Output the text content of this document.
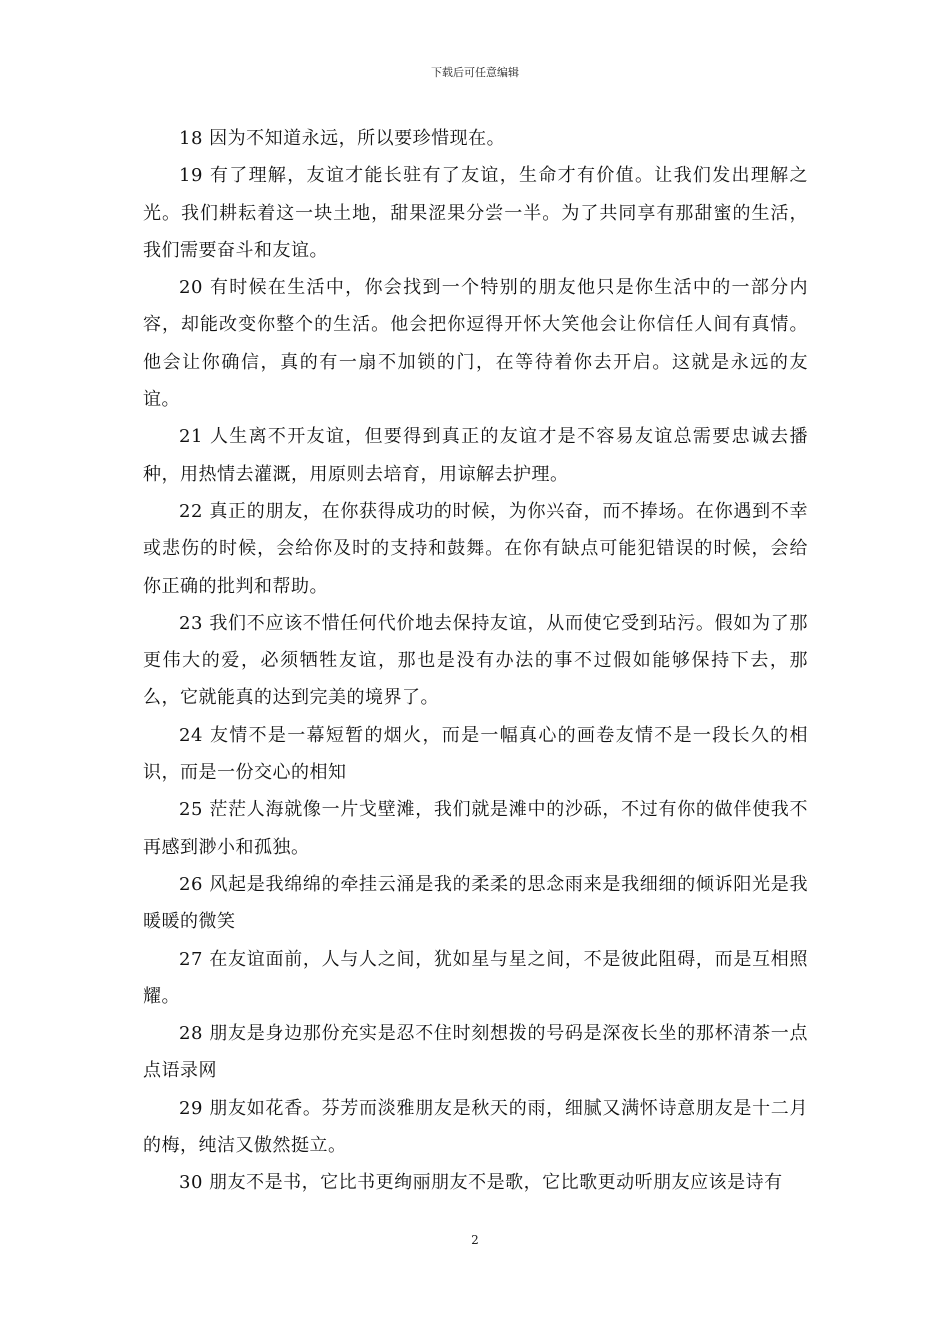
下载后可任意编辑

18 因为不知道永远，所以要珍惜现在。

19 有了理解，友谊才能长驻有了友谊，生命才有价值。让我们发出理解之光。我们耕耘着这一块土地，甜果涩果分尝一半。为了共同享有那甜蜜的生活，我们需要奋斗和友谊。

20 有时候在生活中，你会找到一个特别的朋友他只是你生活中的一部分内容，却能改变你整个的生活。他会把你逗得开怀大笑他会让你信任人间有真情。他会让你确信，真的有一扇不加锁的门，在等待着你去开启。这就是永远的友谊。

21 人生离不开友谊，但要得到真正的友谊才是不容易友谊总需要忠诚去播种，用热情去灌溉，用原则去培育，用谅解去护理。

22 真正的朋友，在你获得成功的时候，为你兴奋，而不捧场。在你遇到不幸或悲伤的时候，会给你及时的支持和鼓舞。在你有缺点可能犯错误的时候，会给你正确的批判和帮助。

23 我们不应该不惜任何代价地去保持友谊，从而使它受到玷污。假如为了那更伟大的爱，必须牺牲友谊，那也是没有办法的事不过假如能够保持下去，那么，它就能真的达到完美的境界了。

24 友情不是一幕短暂的烟火，而是一幅真心的画卷友情不是一段长久的相识，而是一份交心的相知

25 茫茫人海就像一片戈壁滩，我们就是滩中的沙砾，不过有你的做伴使我不再感到渺小和孤独。

26 风起是我绵绵的牵挂云涌是我的柔柔的思念雨来是我细细的倾诉阳光是我暖暖的微笑

27 在友谊面前，人与人之间，犹如星与星之间，不是彼此阻碍，而是互相照耀。

28 朋友是身边那份充实是忍不住时刻想拨的号码是深夜长坐的那杯清茶一点点语录网

29 朋友如花香。芬芳而淡雅朋友是秋天的雨，细腻又满怀诗意朋友是十二月的梅，纯洁又傲然挺立。

30 朋友不是书，它比书更绚丽朋友不是歌，它比歌更动听朋友应该是诗有

2
